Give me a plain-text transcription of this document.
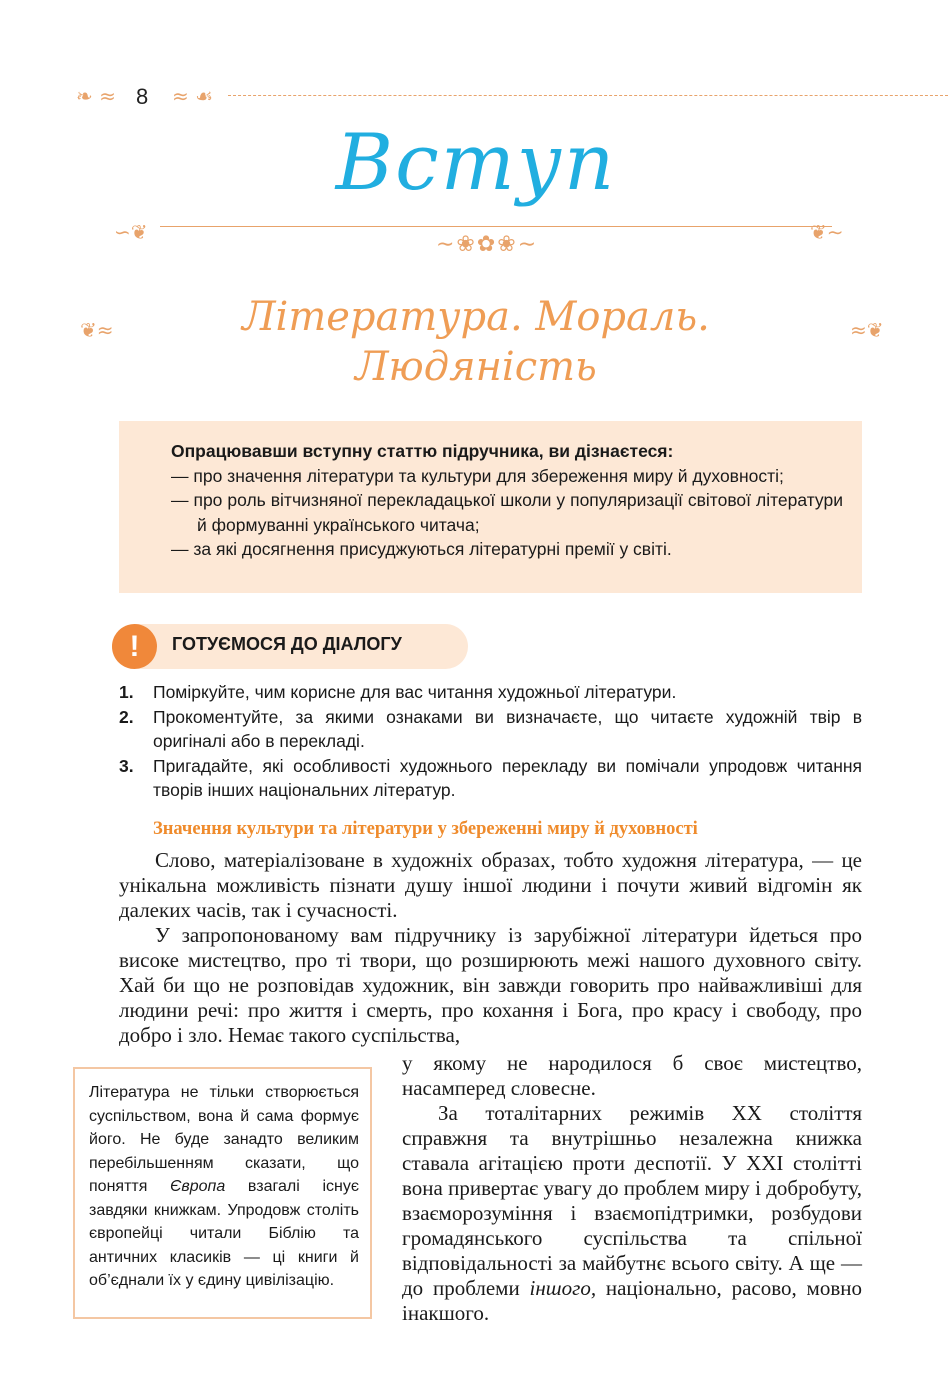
❧ ≈ 8 ≈ ☙
Вступ
∽❦	❦∼
∼❀✿❀∼
❦≈	Література. Мораль.
Людяність
≈❦
Опрацювавши вступну статтю підручника, ви дізнаєтеся:
— про значення літератури та культури для збереження миру й духовності;
— про роль вітчизняної перекладацької школи у популяризації світової літератури й формуванні українського читача;
— за які досягнення присуджуються літературні премії у світі.
!	ГОТУЄМОСЯ ДО ДІАЛОГУ
1.	Поміркуйте, чим корисне для вас читання художньої літератури.
2.	Прокоментуйте, за якими ознаками ви визначаєте, що читаєте художній твір в оригіналі або в перекладі.
3.	Пригадайте, які особливості художнього перекладу ви помічали упродовж читання творів інших національних літератур.
Значення культури та літератури у збереженні миру й духовності

Слово, матеріалізоване в художніх образах, тобто художня література, — це унікальна можливість пізнати душу іншої людини і почути живий відгомін як далеких часів, так і сучасності.

У запропонованому вам підручнику із зарубіжної літератури йдеться про високе мистецтво, про ті твори, що розширюють межі нашого духовного світу. Хай би що не розповідав художник, він завжди говорить про найважливіші для людини речі: про життя і смерть, про кохання і Бога, про красу і свободу, про добро і зло. Немає такого суспільства,

у якому не народилося б своє мистецтво, насамперед словесне.

За тоталітарних режимів XX століття справжня та внутрішньо незалежна книжка ставала агітацією проти деспотії. У XXI столітті вона привертає увагу до проблем миру і добробуту, взаєморозуміння і взаємопідтримки, розбудови громадянського суспільства та спільної відповідальності за майбутнє всього світу. А ще — до проблеми іншого, національно, расово, мовно інакшого.

Література не тільки створюється суспільством, вона й сама формує його. Не буде занадто великим перебільшенням сказати, що поняття Європа взагалі існує завдяки книжкам. Упродовж століть європейці читали Біблію та античних класиків — ці книги й об’єднали їх у єдину цивілізацію.
